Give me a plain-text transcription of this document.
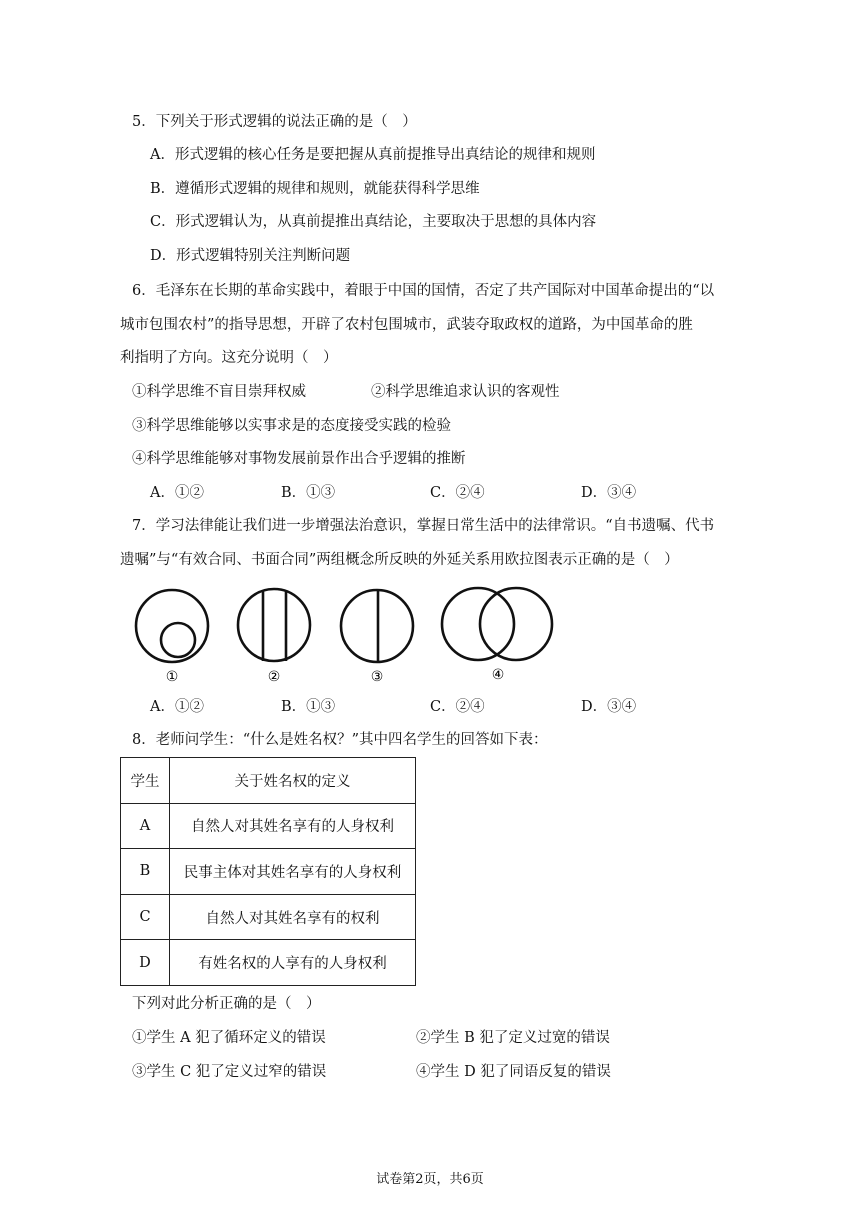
5．下列关于形式逻辑的说法正确的是（　）
A．形式逻辑的核心任务是要把握从真前提推导出真结论的规律和规则
B．遵循形式逻辑的规律和规则，就能获得科学思维
C．形式逻辑认为，从真前提推出真结论，主要取决于思想的具体内容
D．形式逻辑特别关注判断问题
6．毛泽东在长期的革命实践中，着眼于中国的国情，否定了共产国际对中国革命提出的“以
城市包围农村”的指导思想，开辟了农村包围城市，武装夺取政权的道路，为中国革命的胜
利指明了方向。这充分说明（　）
①科学思维不盲目崇拜权威	②科学思维追求认识的客观性
③科学思维能够以实事求是的态度接受实践的检验
④科学思维能够对事物发展前景作出合乎逻辑的推断
A．①②	B．①③	C．②④	D．③④
7．学习法律能让我们进一步增强法治意识，掌握日常生活中的法律常识。“自书遗嘱、代书
遗嘱”与“有效合同、书面合同”两组概念所反映的外延关系用欧拉图表示正确的是（　）
①	②	③	④
A．①②	B．①③	C．②④	D．③④
8．老师问学生：“什么是姓名权？”其中四名学生的回答如下表：
学生	关于姓名权的定义
A	自然人对其姓名享有的人身权利
B	民事主体对其姓名享有的人身权利
C	自然人对其姓名享有的权利
D	有姓名权的人享有的人身权利
下列对此分析正确的是（　）
①学生 A 犯了循环定义的错误	②学生 B 犯了定义过宽的错误
③学生 C 犯了定义过窄的错误	④学生 D 犯了同语反复的错误
试卷第2页，共6页
